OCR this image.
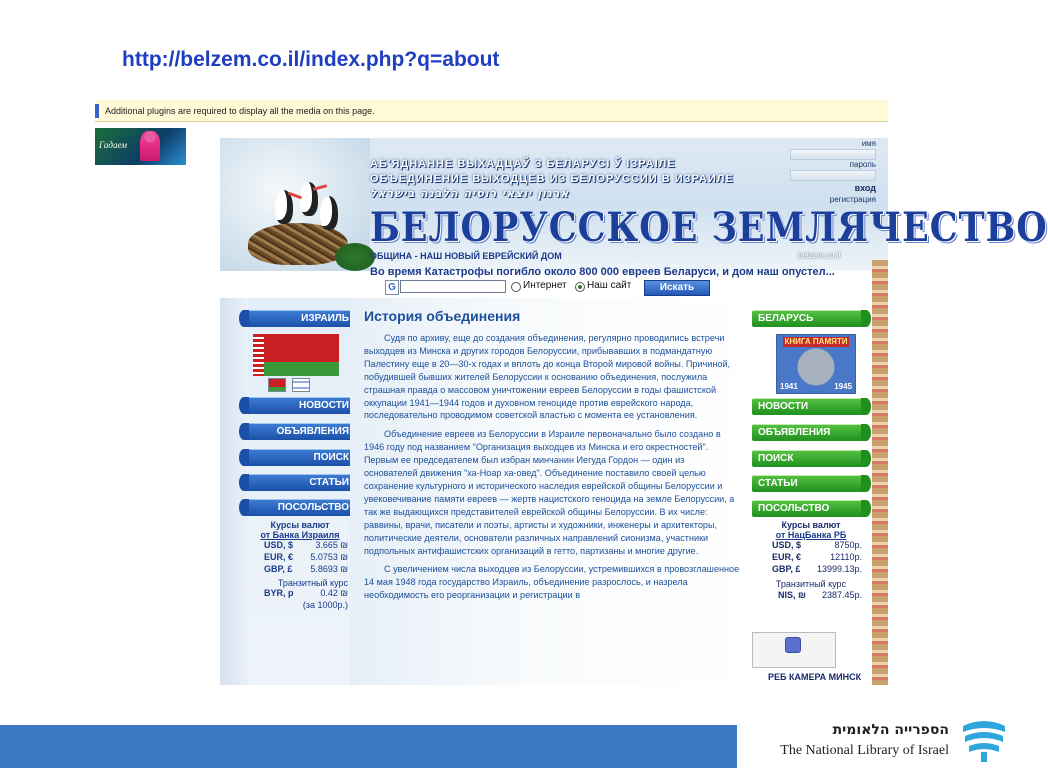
http://belzem.co.il/index.php?q=about
Additional plugins are required to display all the media on this page.
Гадаем
АБ'ЯДНАННЕ ВЫХАДЦАЎ З БЕЛАРУСІ Ў ІЗРАІЛЕ
ОБЪЕДИНЕНИЕ ВЫХОДЦЕВ ИЗ БЕЛОРУССИИ В ИЗРАИЛЕ
ארגון יוצאי רוסיה הלבנה בישראל
БЕЛОРУССКОЕ ЗЕМЛЯЧЕСТВО
ОБЩИНА - НАШ НОВЫЙ ЕВРЕЙСКИЙ ДОМ	belzem.co.il
имя
пароль
вход
регистрация
Во время Катастрофы погибло около 800 000 евреев Беларуси, и дом наш опустел...
G	Интернет Наш сайт	Искать
ИЗРАИЛЬ
НОВОСТИ
ОБЪЯВЛЕНИЯ
ПОИСК
СТАТЬИ
ПОСОЛЬСТВО
Курсы валют
от Банка Израиля
USD, $ 3.665 ₪
EUR, € 5.0753 ₪
GBP, £ 5.8693 ₪
Транзитный курс
BYR, p	0.42 ₪
(за 1000р.)
История объединения

Судя по архиву, еще до создания объединения, регулярно проводились встречи выходцев из Минска и других городов Белоруссии, прибывавших в подмандатную Палестину еще в 20—30-х годах и вплоть до конца Второй мировой войны. Причиной, побудившей бывших жителей Белоруссии к основанию объединения, послужила страшная правда о массовом уничтожении евреев Белоруссии в годы фашистской оккупации 1941—1944 годов и духовном геноциде против еврейского народа, последовательно проводимом советской властью с момента ее установления.

Объединение евреев из Белоруссии в Израиле первоначально было создано в 1946 году под названием "Организация выходцев из Минска и его окрестностей". Первым ее председателем был избран минчанин Иегуда Гордон — один из основателей движения "ха-Ноар ха-овед". Объединение поставило своей целью сохранение культурного и исторического наследия еврейской общины Белоруссии и увековечивание памяти евреев — жертв нацистского геноцида на земле Белоруссии, а так же выдающихся представителей еврейской общины Белоруссии. В их числе: раввины, врачи, писатели и поэты, артисты и художники, инженеры и архитекторы, политические деятели, основатели различных направлений сионизма, участники подпольных антифашистских организаций в гетто, партизаны и многие другие.

С увеличением числа выходцев из Белоруссии, устремившихся в провозглашенное 14 мая 1948 года государство Израиль, объединение разрослось, и назрела необходимость его реорганизации и регистрации в

БЕЛАРУСЬ
НОВОСТИ
ОБЪЯВЛЕНИЯ
ПОИСК
СТАТЬИ
ПОСОЛЬСТВО
КНИГА ПАМЯТИ
1941	1945
Курсы валют
от НацБанка РБ
USD, $	8750р.
EUR, €	12110р.
GBP, £ 13999.13р.
Транзитный курс
NIS, ₪ 2387.45р.
РЕБ КАМЕРА МИНСК
הספרייה הלאומית
The National Library of Israel
